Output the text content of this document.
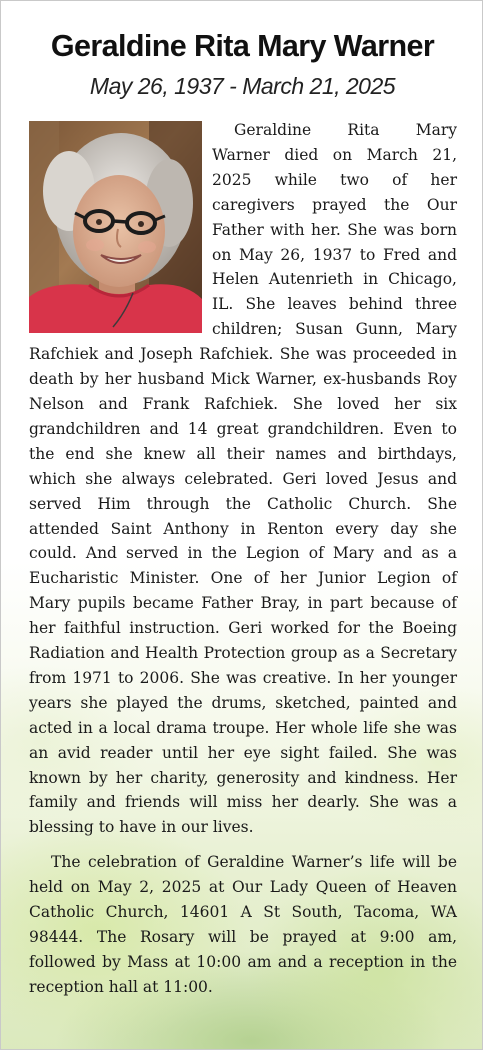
Geraldine Rita Mary Warner
May 26, 1937 - March 21, 2025

Geraldine Rita Mary Warner died on March 21, 2025 while two of her caregivers prayed the Our Father with her. She was born on May 26, 1937 to Fred and Helen Autenrieth in Chicago, IL. She leaves behind three children; Susan Gunn, Mary Rafchiek and Joseph Rafchiek. She was proceeded in death by her husband Mick Warner, ex-husbands Roy Nelson and Frank Rafchiek. She loved her six grandchildren and 14 great grandchildren. Even to the end she knew all their names and birthdays, which she always celebrated. Geri loved Jesus and served Him through the Catholic Church. She attended Saint Anthony in Renton every day she could. And served in the Legion of Mary and as a Eucharistic Minister. One of her Junior Legion of Mary pupils became Father Bray, in part because of her faithful instruction. Geri worked for the Boeing Radiation and Health Protection group as a Secretary from 1971 to 2006. She was creative. In her younger years she played the drums, sketched, painted and acted in a local drama troupe. Her whole life she was an avid reader until her eye sight failed. She was known by her charity, generosity and kindness. Her family and friends will miss her dearly. She was a blessing to have in our lives.

The celebration of Geraldine Warner’s life will be held on May 2, 2025 at Our Lady Queen of Heaven Catholic Church, 14601 A St South, Tacoma, WA 98444. The Rosary will be prayed at 9:00 am, followed by Mass at 10:00 am and a reception in the reception hall at 11:00.
